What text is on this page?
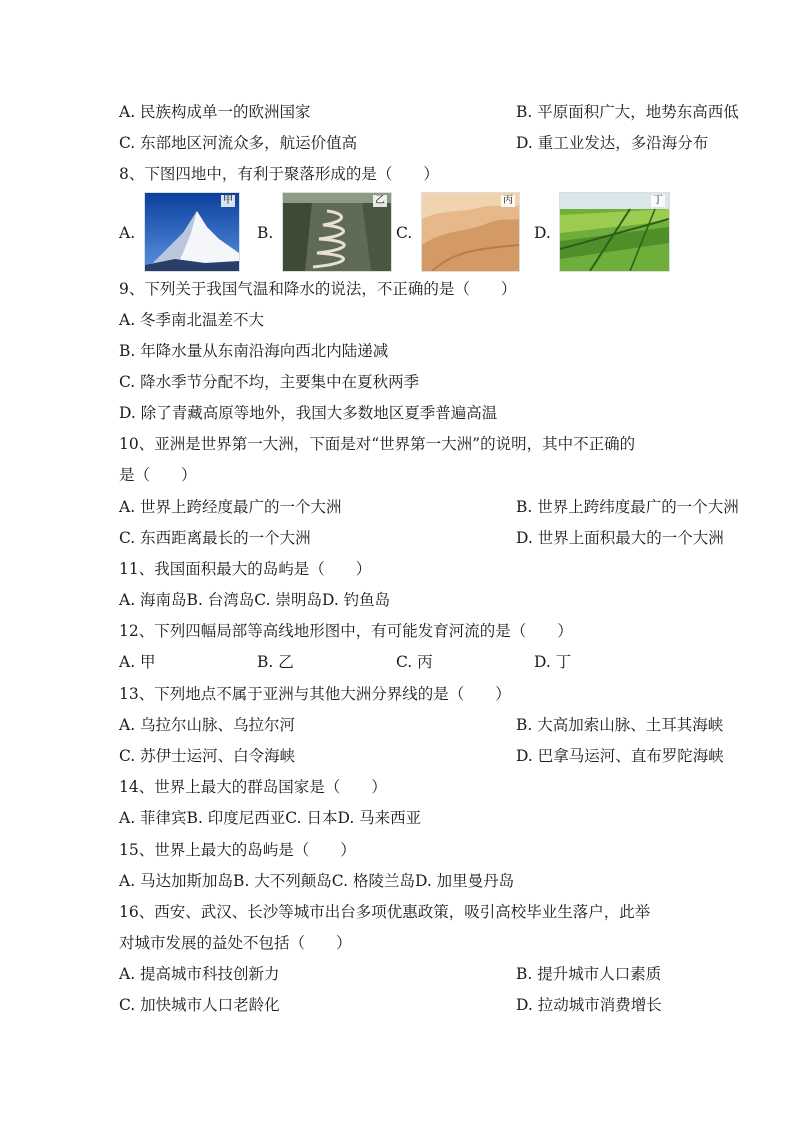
A. 民族构成单一的欧洲国家	B. 平原面积广大，地势东高西低
C. 东部地区河流众多，航运价值高	D. 重工业发达，多沿海分布
8、下图四地中，有利于聚落形成的是（　　）
A.
甲
B.
乙
C.
丙
D.
丁
9、下列关于我国气温和降水的说法，不正确的是（　　）
A. 冬季南北温差不大
B. 年降水量从东南沿海向西北内陆递减
C. 降水季节分配不均，主要集中在夏秋两季
D. 除了青藏高原等地外，我国大多数地区夏季普遍高温
10、亚洲是世界第一大洲，下面是对“世界第一大洲”的说明，其中不正确的
是（　　）
A. 世界上跨经度最广的一个大洲	B. 世界上跨纬度最广的一个大洲
C. 东西距离最长的一个大洲	D. 世界上面积最大的一个大洲
11、我国面积最大的岛屿是（　　）
A. 海南岛B. 台湾岛C. 崇明岛D. 钓鱼岛
12、下列四幅局部等高线地形图中，有可能发育河流的是（　　）
A. 甲	B. 乙	C. 丙	D. 丁
13、下列地点不属于亚洲与其他大洲分界线的是（　　）
A. 乌拉尔山脉、乌拉尔河	B. 大高加索山脉、土耳其海峡
C. 苏伊士运河、白令海峡	D. 巴拿马运河、直布罗陀海峡
14、世界上最大的群岛国家是（　　）
A. 菲律宾B. 印度尼西亚C. 日本D. 马来西亚
15、世界上最大的岛屿是（　　）
A. 马达加斯加岛B. 大不列颠岛C. 格陵兰岛D. 加里曼丹岛
16、西安、武汉、长沙等城市出台多项优惠政策，吸引高校毕业生落户，此举
对城市发展的益处不包括（　　）
A. 提高城市科技创新力	B. 提升城市人口素质
C. 加快城市人口老龄化	D. 拉动城市消费增长
